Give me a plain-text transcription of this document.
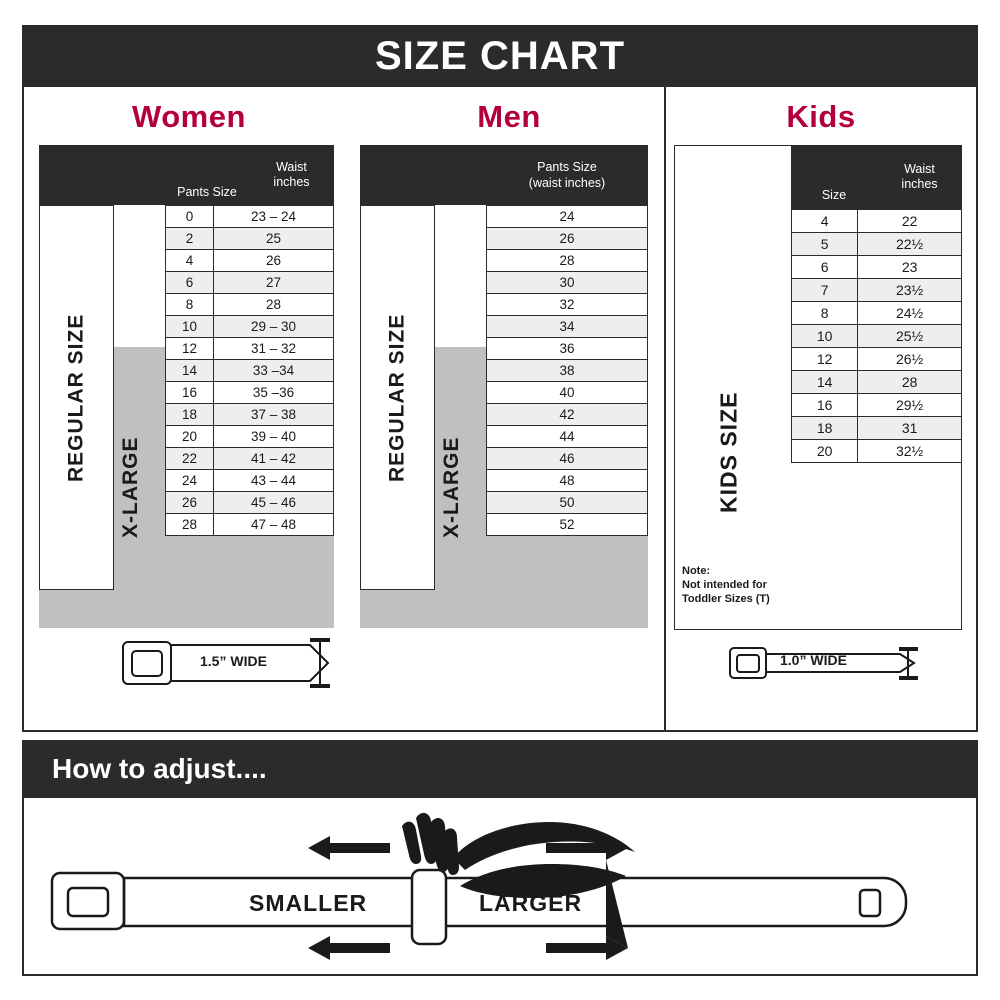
SIZE CHART
Women
REGULAR SIZE
X-LARGE
Pants Size
Waist
inches
0	23 – 24
2	25
4	26
6	27
8	28
10	29 – 30
12	31 – 32
14	33 –34
16	35 –36
18	37 – 38
20	39 – 40
22	41 – 42
24	43 – 44
26	45 – 46
28	47 – 48
1.5” WIDE
Men
REGULAR SIZE
X-LARGE
Pants Size
(waist inches)
24
26
28
30
32
34
36
38
40
42
44
46
48
50
52
Kids
KIDS SIZE
Size
Waist
inches
4	22
5	22½
6	23
7	23½
8	24½
10	25½
12	26½
14	28
16	29½
18	31
20	32½
Note:
Not intended for
Toddler Sizes (T)
1.0” WIDE
How to adjust....
SMALLER	LARGER
